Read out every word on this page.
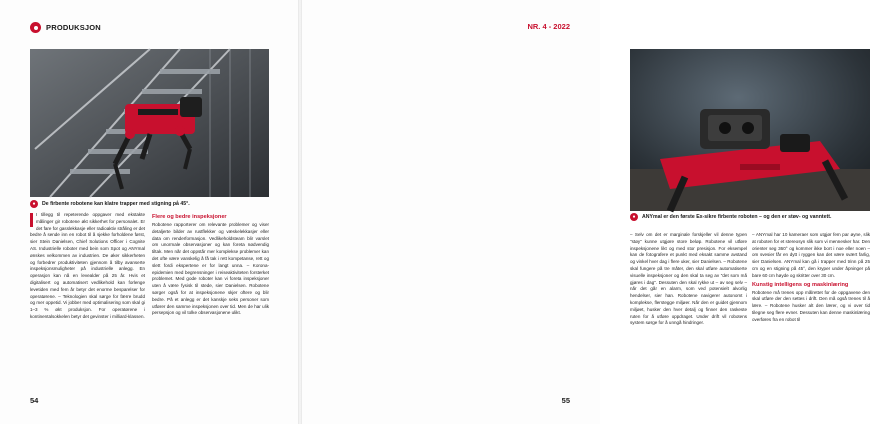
PRODUKSJON
●	De firbente robotene kan klatre trapper med stigning på 45°.

I tillegg til repeterende oppgaver med ekstakte målinger gir robotene økt sikkerhet for personalet. Er det fare for gasslekkasje eller radioaktiv stråling er det bedre å sende inn en robot til å sjekke forholdene først, sier Stein Danielsen, Chief Solutions Officer i Cognite AS. Industrielle roboter med bein som Spot og ANYmal ønskes velkommen av industrien. De øker sikkerheten og forbedrer produktiviteten gjennom å tilby avanserte inspeksjonsmuligheter på industrielle anlegg. En operasjon kan nå en levealder på 25 år. Hvis et digitalisert og automatisert vedlikehold kan forlenge levetiden med fem år betyr det enorme besparelser for operatørene. – Teknologien skal sørge for færre brudd og mer oppetid. Vi jobber med optimalisering som skal gi 1–3 % økt produksjon. For operatørene i kontinentalsokkelen betyr det gevinster i milliard-klassen.

Flere og bedre inspeksjoner

Robotene rapporterer om relevante problemer og viser detaljerte bilder av rustflekker og væskelekkasjer eller data om renderformasjon. Vedlikeholdsteam blir varslet om unormale observasjoner og kan foreta nødvendig tiltak. Men når det oppstår mer komplekse problemer kan det ofte være vanskelig å få tak i rett kompetanse, rett og slett fordi ekspertene er for langt unna. – Korona-epidemien med begrensninger i reiseaktiviteten forsterket problemet. Med gode roboter kan vi foreta inspeksjoner uten å være fysisk til stede, sier Danielsen. Robotene sørger også for at inspeksjonene skjer oftere og blir bedre. På et anlegg er det kanskje seks personer som utfører den samme inspeksjonen over tid. Men de har ulik persepsjon og vil tolke observasjonene ulikt.

54
NR. 4 - 2022
●	ANYmal er den første Ex-sikre firbente roboten – og den er støv- og vanntett.

– Selv om det er marginale forskjeller vil denne typen "støy" kunne utgjøre store beløp. Robotene vil utføre inspeksjonene likt og med stor presisjon. For eksempel kan de fotografere et punkt med eksakt samme avstand og vinkel hver dag i flere uker, sier Danielsen. – Robotene skal fungere på tre måter, den skal utføre automatiserte visuelle inspeksjoner og den skal ta seg av "det som må gjøres i dag". Dessuten den skal rykke ut – av seg selv – når det går en alarm, som ved potensielt alvorlig hendelser, sier han. Robotene navigerer autonomt i komplekse, flerstegge miljøer. Når den er guidet gjennom miljøet, husker den hver detalj og finner den raskeste ruten for å utføre oppdraget. Under drift vil robotens system sørge for å unngå hindringer.

– ANYmal har 10 kameraer som utgjør fem par øyne, slik at roboten for et stereosyn slik som vi mennesker har. Den orienter seg 360° og kommer ikke bort i noe eller noen – om svesier får en dytt i ryggen kan det være svært farlig, sier Danielsen. ANYmal kan gå i trapper med trinn på 25 cm og en stigning på 45°, den kryper under åpninger på bare 60 cm høyde og skritter over 30 cm.

Kunstig intelligens og maskinlæring

Robotene må trenes opp målrettet for de oppgavene den skal utføre der den settes i drift. Den må også trenes til å lære. – Robotene husker alt den lærer, og vi over tid tilegne seg flere evner. Dessuten kan denne maskinlæring overføres fra en robot til

55
